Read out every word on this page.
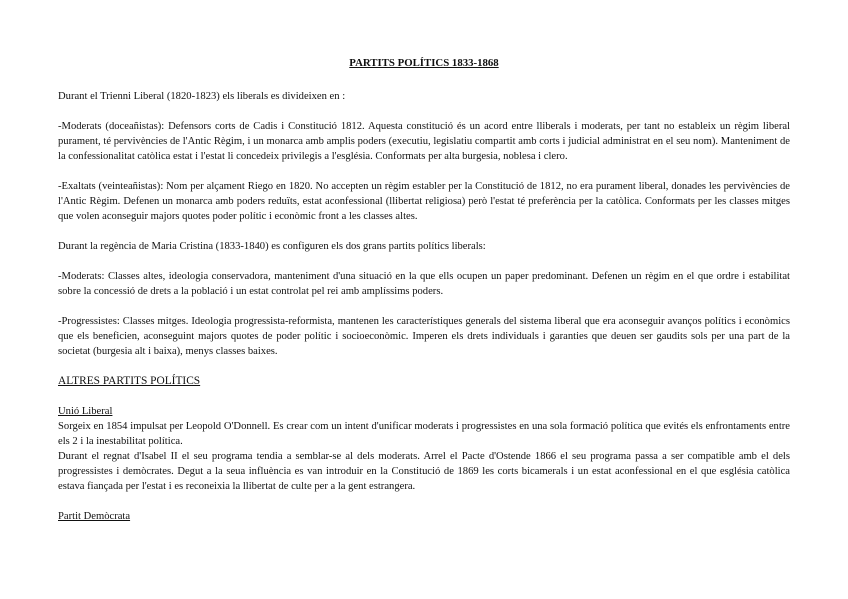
PARTITS POLÍTICS 1833-1868

Durant el Trienni Liberal (1820-1823) els liberals es divideixen en :

-Moderats (doceañistas): Defensors corts de Cadis i Constitució 1812. Aquesta constitució és un acord entre lliberals i moderats, per tant no estableix un règim liberal purament, té pervivències de l'Antic Règim, i un monarca amb amplis poders (executiu, legislatiu compartit amb corts i judicial administrat en el seu nom). Manteniment de la confessionalitat catòlica estat i l'estat li concedeix privilegis a l'església. Conformats per alta burgesia, noblesa i clero.

-Exaltats (veinteañistas): Nom per alçament Riego en 1820. No accepten un règim establer per la Constitució de 1812, no era purament liberal, donades les pervivències de l'Antic Règim. Defenen un monarca amb poders reduïts, estat aconfessional (llibertat religiosa) però l'estat té preferència per la catòlica. Conformats per les classes mitges que volen aconseguir majors quotes poder polític i econòmic front a les classes altes.

Durant la regència de Maria Cristina (1833-1840) es configuren els dos grans partits polítics liberals:

-Moderats: Classes altes, ideologia conservadora, manteniment d'una situació en la que ells ocupen un paper predominant. Defenen un règim en el que ordre i estabilitat sobre la concessió de drets a la població i un estat controlat pel rei amb amplíssims poders.

-Progressistes: Classes mitges. Ideologia progressista-reformista, mantenen les característiques generals del sistema liberal que era aconseguir avanços polítics i econòmics que els beneficien, aconseguint majors quotes de poder polític i socioeconòmic. Imperen els drets individuals i garanties que deuen ser gaudits sols per una part de la societat (burgesia alt i baixa), menys classes baixes.

ALTRES PARTITS POLÍTICS
Unió Liberal

Sorgeix en 1854 impulsat per Leopold O'Donnell. Es crear com un intent d'unificar moderats i progressistes en una sola formació política que evités els enfrontaments entre els 2 i la inestabilitat política.

Durant el regnat d'Isabel II el seu programa tendia a semblar-se al dels moderats. Arrel el Pacte d'Ostende 1866 el seu programa passa a ser compatible amb el dels progressistes i demòcrates. Degut a la seua influència es van introduir en la Constitució de 1869 les corts bicamerals i un estat aconfessional en el que església catòlica estava fiançada per l'estat i es reconeixia la llibertat de culte per a la gent estrangera.

Partit Demòcrata
